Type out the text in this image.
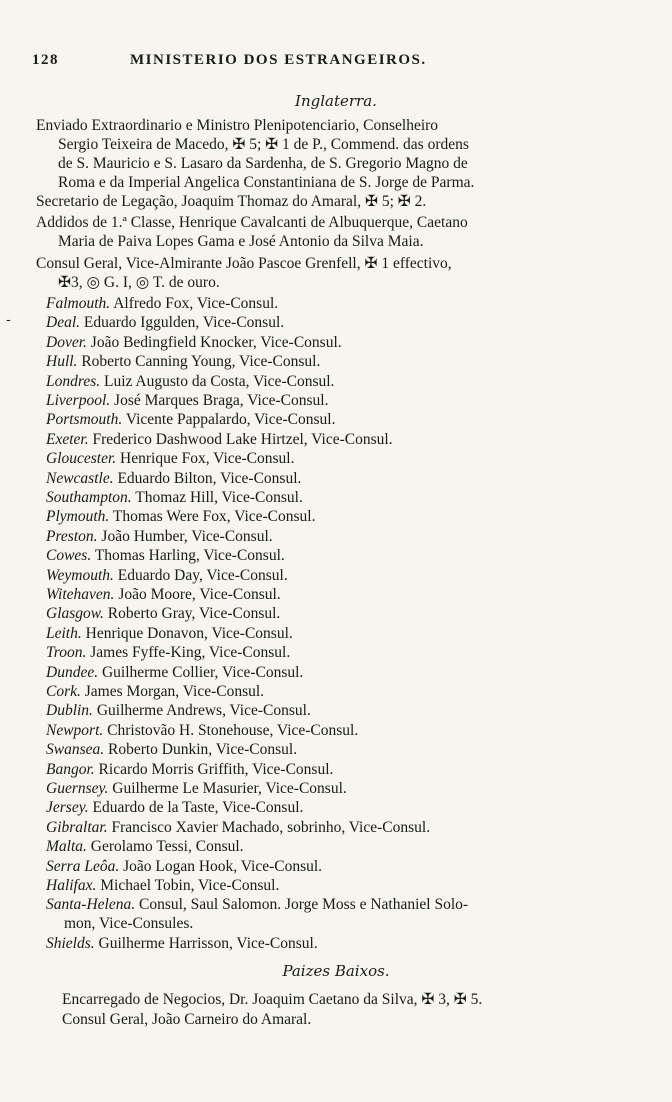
128	MINISTERIO DOS ESTRANGEIROS.
Inglaterra.
Enviado Extraordinario e Ministro Plenipotenciario, Conselheiro
Sergio Teixeira de Macedo, ✠ 5; ✠ 1 de P., Commend. das ordens
de S. Mauricio e S. Lasaro da Sardenha, de S. Gregorio Magno de
Roma e da Imperial Angelica Constantiniana de S. Jorge de Parma.
Secretario de Legação, Joaquim Thomaz do Amaral, ✠ 5; ✠ 2.
Addidos de 1.ª Classe, Henrique Cavalcanti de Albuquerque, Caetano
Maria de Paiva Lopes Gama e José Antonio da Silva Maia.
Consul Geral, Vice-Almirante João Pascoe Grenfell, ✠ 1 effectivo,
✠3, ◎ G. I, ◎ T. de ouro.
-
Falmouth. Alfredo Fox, Vice-Consul.
Deal. Eduardo Iggulden, Vice-Consul.
Dover. João Bedingfield Knocker, Vice-Consul.
Hull. Roberto Canning Young, Vice-Consul.
Londres. Luiz Augusto da Costa, Vice-Consul.
Liverpool. José Marques Braga, Vice-Consul.
Portsmouth. Vicente Pappalardo, Vice-Consul.
Exeter. Frederico Dashwood Lake Hirtzel, Vice-Consul.
Gloucester. Henrique Fox, Vice-Consul.
Newcastle. Eduardo Bilton, Vice-Consul.
Southampton. Thomaz Hill, Vice-Consul.
Plymouth. Thomas Were Fox, Vice-Consul.
Preston. João Humber, Vice-Consul.
Cowes. Thomas Harling, Vice-Consul.
Weymouth. Eduardo Day, Vice-Consul.
Witehaven. João Moore, Vice-Consul.
Glasgow. Roberto Gray, Vice-Consul.
Leith. Henrique Donavon, Vice-Consul.
Troon. James Fyffe-King, Vice-Consul.
Dundee. Guilherme Collier, Vice-Consul.
Cork. James Morgan, Vice-Consul.
Dublin. Guilherme Andrews, Vice-Consul.
Newport. Christovão H. Stonehouse, Vice-Consul.
Swansea. Roberto Dunkin, Vice-Consul.
Bangor. Ricardo Morris Griffith, Vice-Consul.
Guernsey. Guilherme Le Masurier, Vice-Consul.
Jersey. Eduardo de la Taste, Vice-Consul.
Gibraltar. Francisco Xavier Machado, sobrinho, Vice-Consul.
Malta. Gerolamo Tessi, Consul.
Serra Leôa. João Logan Hook, Vice-Consul.
Halifax. Michael Tobin, Vice-Consul.
Santa-Helena. Consul, Saul Salomon. Jorge Moss e Nathaniel Solo-
mon, Vice-Consules.
Shields. Guilherme Harrisson, Vice-Consul.
Paizes Baixos.
Encarregado de Negocios, Dr. Joaquim Caetano da Silva, ✠ 3, ✠ 5.
Consul Geral, João Carneiro do Amaral.
